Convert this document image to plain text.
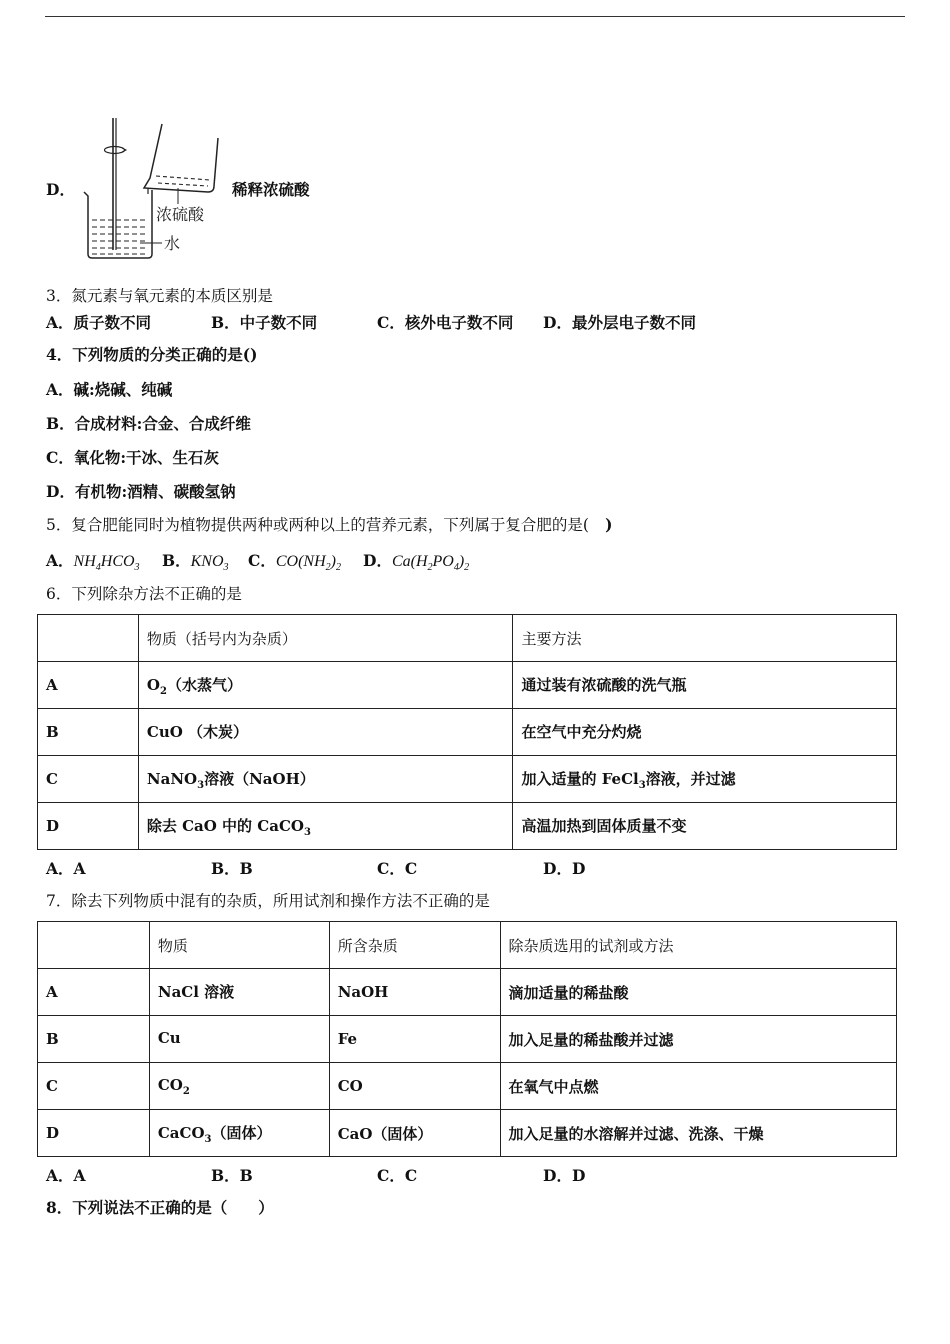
D．
浓硫酸
水
稀释浓硫酸
3．氮元素与氧元素的本质区别是
A．质子数不同	B．中子数不同	C．核外电子数不同 D．最外层电子数不同
4．下列物质的分类正确的是()
A．碱:烧碱、纯碱
B．合成材料:合金、合成纤维
C．氧化物:干冰、生石灰
D．有机物:酒精、碳酸氢钠
5．复合肥能同时为植物提供两种或两种以上的营养元素，下列属于复合肥的是( )
A．$NH_4HCO_3$ B．$KNO_3$ C．$CO(NH_2)_2$ D．$Ca(H_2PO_4)_2$
6．下列除杂方法不正确的是
	物质（括号内为杂质）	主要方法
A	$O_2$（水蒸气）	通过装有浓硫酸的洗气瓶
B	CuO （木炭）	在空气中充分灼烧
C	NaNO$_3$溶液（NaOH）	加入适量的 FeCl$_3$溶液，并过滤
D	除去 CaO 中的 CaCO$_3$	高温加热到固体质量不变
A．A	B．B	C．C	D．D
7．除去下列物质中混有的杂质，所用试剂和操作方法不正确的是
	物质	所含杂质	除杂质选用的试剂或方法
A	NaCl 溶液	NaOH	滴加适量的稀盐酸
B	Cu	Fe	加入足量的稀盐酸并过滤
C	$CO_2$	CO	在氧气中点燃
D	CaCO$_3$（固体）	CaO（固体）	加入足量的水溶解并过滤、洗涤、干燥
A．A	B．B	C．C	D．D
8．下列说法不正确的是（　　）
